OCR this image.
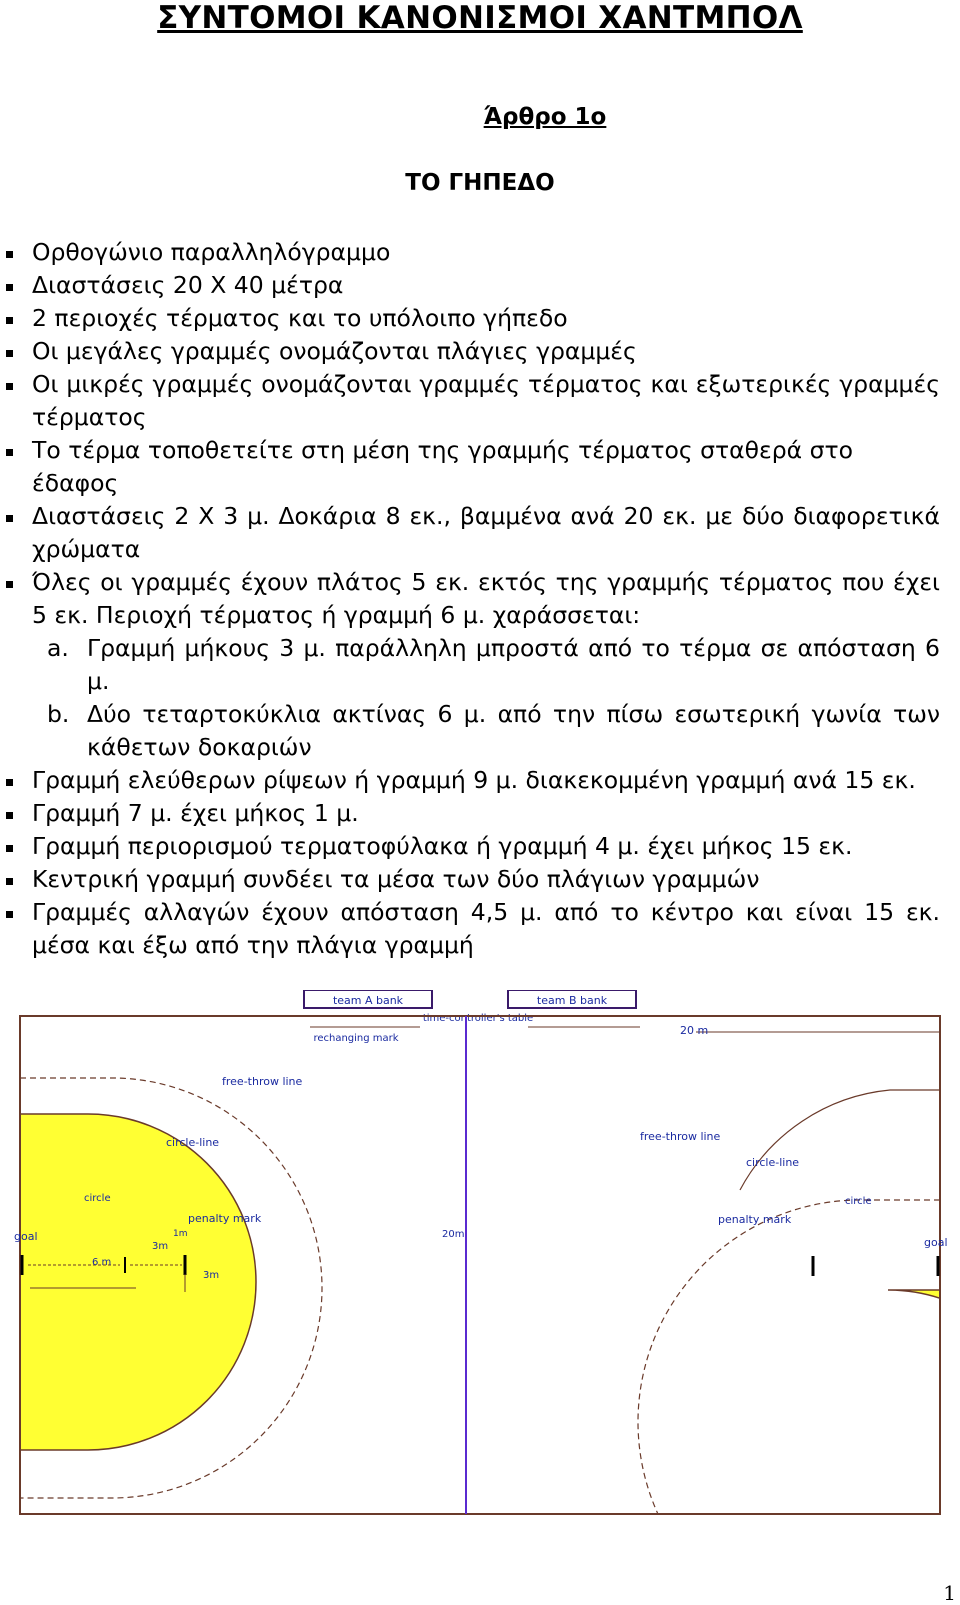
ΣΥΝΤΟΜΟΙ ΚΑΝΟΝΙΣΜΟΙ ΧΑΝΤΜΠΟΛ
Άρθρο 1ο
ΤΟ ΓΗΠΕΔΟ
Ορθογώνιο παραλληλόγραμμο
Διαστάσεις 20 Χ 40 μέτρα
2 περιοχές τέρματος και το υπόλοιπο γήπεδο
Οι μεγάλες γραμμές ονομάζονται πλάγιες γραμμές
Οι μικρές γραμμές ονομάζονται γραμμές τέρματος και εξωτερικές γραμμές τέρματος
Το τέρμα τοποθετείτε στη μέση της γραμμής τέρματος σταθερά στο έδαφος
Διαστάσεις 2 Χ 3 μ. Δοκάρια 8 εκ., βαμμένα ανά 20 εκ. με δύο διαφορετικά χρώματα
Όλες οι γραμμές έχουν πλάτος 5 εκ. εκτός της γραμμής τέρματος που έχει 5 εκ. Περιοχή τέρματος ή γραμμή 6 μ. χαράσσεται:
a. Γραμμή μήκους 3 μ. παράλληλη μπροστά από το τέρμα σε απόσταση 6 μ.
b. Δύο τεταρτοκύκλια ακτίνας 6 μ. από την πίσω εσωτερική γωνία των κάθετων δοκαριών
Γραμμή ελεύθερων ρίψεων ή γραμμή 9 μ. διακεκομμένη γραμμή ανά 15 εκ.
Γραμμή 7 μ. έχει μήκος 1 μ.
Γραμμή περιορισμού τερματοφύλακα ή γραμμή 4 μ. έχει μήκος 15 εκ.
Κεντρική γραμμή συνδέει τα μέσα των δύο πλάγιων γραμμών
Γραμμές αλλαγών έχουν απόσταση 4,5 μ. από το κέντρο και είναι 15 εκ. μέσα και έξω από την πλάγια γραμμή
team A bank	team B bank
time-controller's table
rechanging mark
20 m
free-throw line
free-throw line
circle-line
circle-line
circle	circle
penalty mark	penalty mark
1m
3m
3m
6 m
goal	goal
20m
1
